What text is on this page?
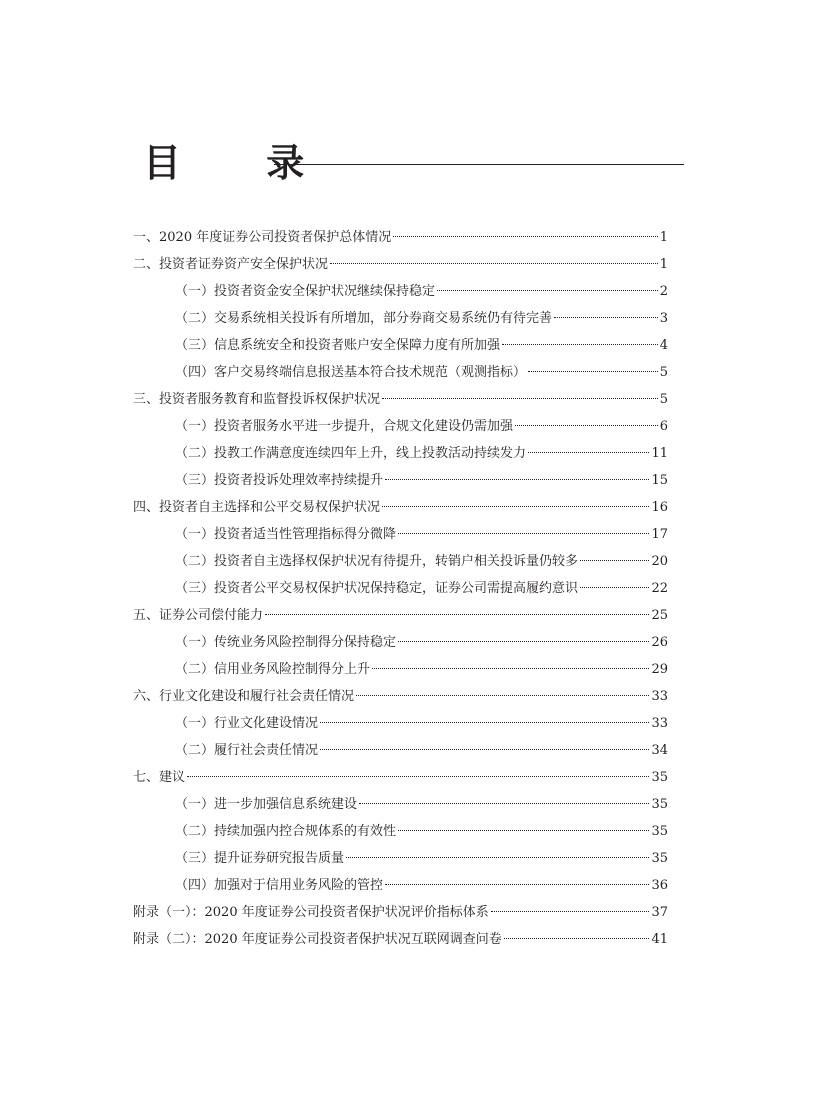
目 录
一、2020 年度证券公司投资者保护总体情况	1
二、投资者证券资产安全保护状况	1
（一）投资者资金安全保护状况继续保持稳定	2
（二）交易系统相关投诉有所增加，部分券商交易系统仍有待完善	3
（三）信息系统安全和投资者账户安全保障力度有所加强	4
（四）客户交易终端信息报送基本符合技术规范（观测指标）	5
三、投资者服务教育和监督投诉权保护状况	5
（一）投资者服务水平进一步提升，合规文化建设仍需加强	6
（二）投教工作满意度连续四年上升，线上投教活动持续发力	11
（三）投资者投诉处理效率持续提升	15
四、投资者自主选择和公平交易权保护状况	16
（一）投资者适当性管理指标得分微降	17
（二）投资者自主选择权保护状况有待提升，转销户相关投诉量仍较多	20
（三）投资者公平交易权保护状况保持稳定，证券公司需提高履约意识	22
五、证券公司偿付能力	25
（一）传统业务风险控制得分保持稳定	26
（二）信用业务风险控制得分上升	29
六、行业文化建设和履行社会责任情况	33
（一）行业文化建设情况	33
（二）履行社会责任情况	34
七、建议	35
（一）进一步加强信息系统建设	35
（二）持续加强内控合规体系的有效性	35
（三）提升证券研究报告质量	35
（四）加强对于信用业务风险的管控	36
附录（一）：2020 年度证券公司投资者保护状况评价指标体系	37
附录（二）：2020 年度证券公司投资者保护状况互联网调查问卷	41
